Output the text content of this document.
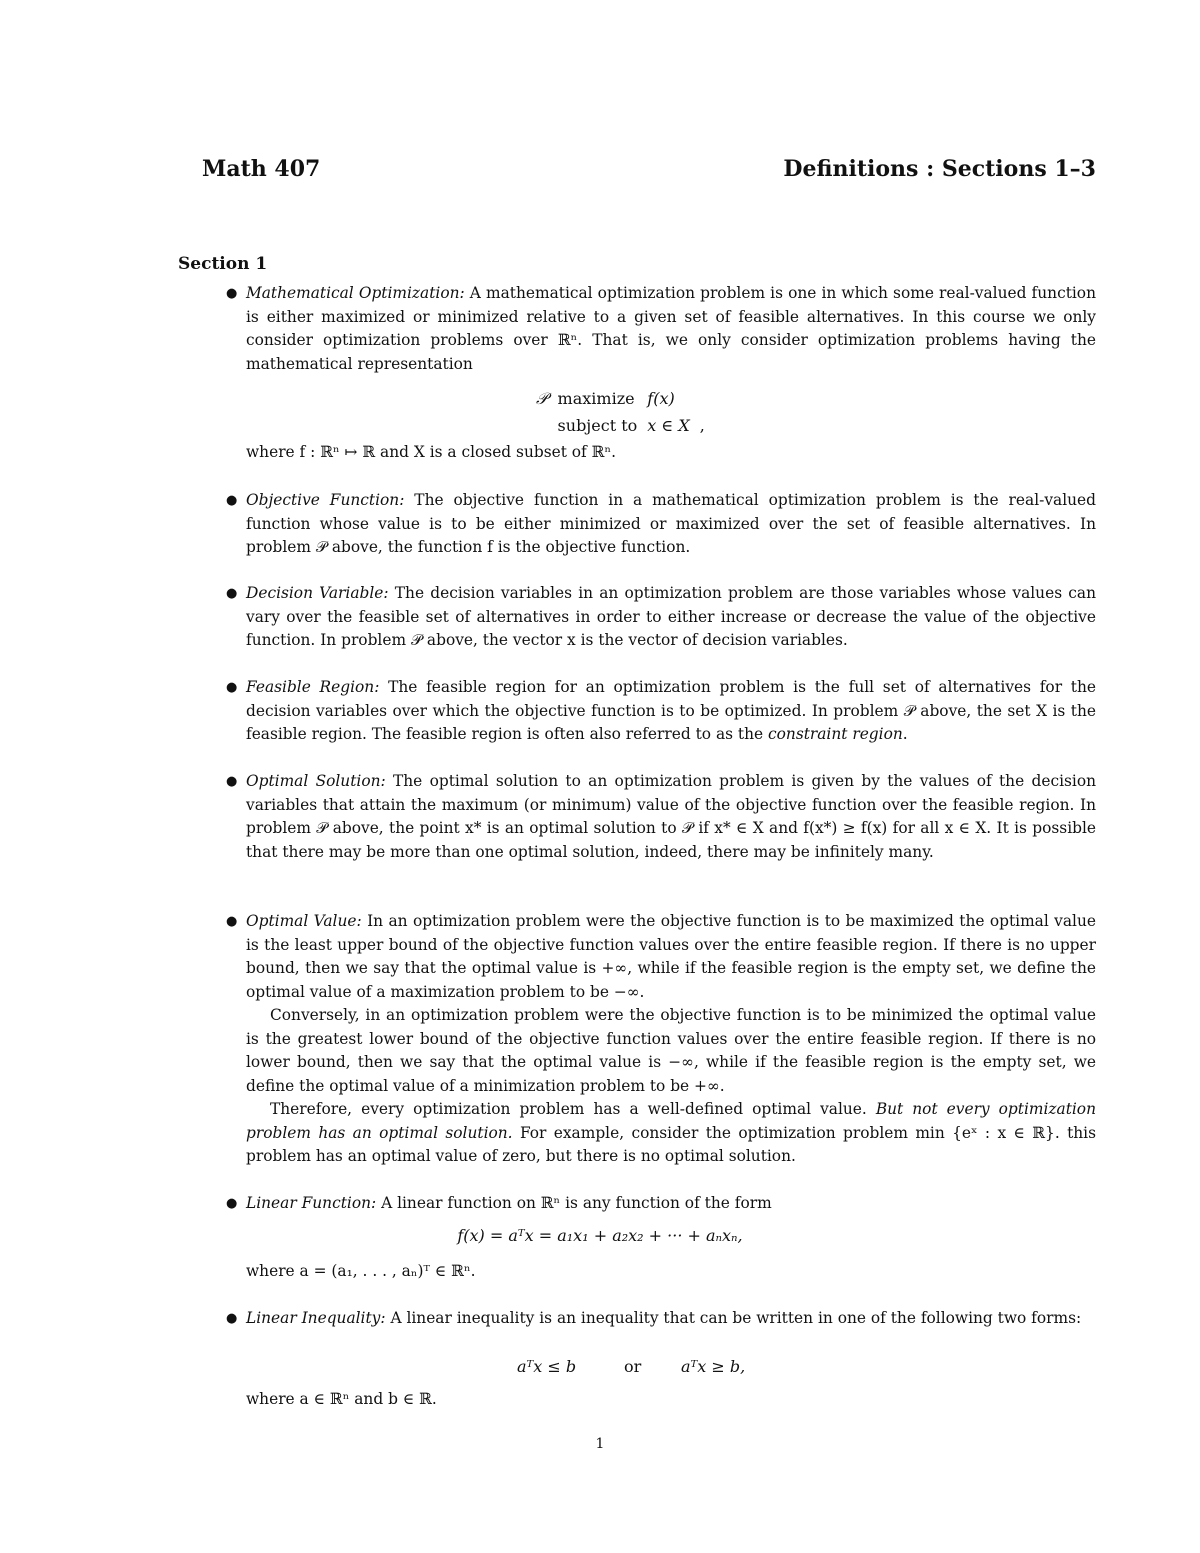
Math 407	Definitions : Sections 1–3
Section 1
● Mathematical Optimization: A mathematical optimization problem is one in which some real-valued function is either maximized or minimized relative to a given set of feasible alternatives. In this course we only consider optimization problems over ℝⁿ. That is, we only consider optimization problems having the mathematical representation
𝒫	maximize	f(x)	
	subject to	x ∈ X	,
where f : ℝⁿ ↦ ℝ and X is a closed subset of ℝⁿ.
● Objective Function: The objective function in a mathematical optimization problem is the real-valued function whose value is to be either minimized or maximized over the set of feasible alternatives. In problem 𝒫 above, the function f is the objective function.
● Decision Variable: The decision variables in an optimization problem are those variables whose values can vary over the feasible set of alternatives in order to either increase or decrease the value of the objective function. In problem 𝒫 above, the vector x is the vector of decision variables.
● Feasible Region: The feasible region for an optimization problem is the full set of alternatives for the decision variables over which the objective function is to be optimized. In problem 𝒫 above, the set X is the feasible region. The feasible region is often also referred to as the constraint region.
● Optimal Solution: The optimal solution to an optimization problem is given by the values of the decision variables that attain the maximum (or minimum) value of the objective function over the feasible region. In problem 𝒫 above, the point x* is an optimal solution to 𝒫 if x* ∈ X and f(x*) ≥ f(x) for all x ∈ X. It is possible that there may be more than one optimal solution, indeed, there may be infinitely many.
● Optimal Value: In an optimization problem were the objective function is to be maximized the optimal value is the least upper bound of the objective function values over the entire feasible region. If there is no upper bound, then we say that the optimal value is +∞, while if the feasible region is the empty set, we define the optimal value of a maximization problem to be −∞.
Conversely, in an optimization problem were the objective function is to be minimized the optimal value is the greatest lower bound of the objective function values over the entire feasible region. If there is no lower bound, then we say that the optimal value is −∞, while if the feasible region is the empty set, we define the optimal value of a minimization problem to be +∞.
Therefore, every optimization problem has a well-defined optimal value. But not every optimization problem has an optimal solution. For example, consider the optimization problem min {eˣ : x ∈ ℝ}. this problem has an optimal value of zero, but there is no optimal solution.
● Linear Function: A linear function on ℝⁿ is any function of the form
f(x) = aᵀx = a₁x₁ + a₂x₂ + ··· + aₙxₙ,
where a = (a₁, . . . , aₙ)ᵀ ∈ ℝⁿ.
● Linear Inequality: A linear inequality is an inequality that can be written in one of the following two forms:
aᵀx ≤ b	or aᵀx ≥ b,
where a ∈ ℝⁿ and b ∈ ℝ.
1
